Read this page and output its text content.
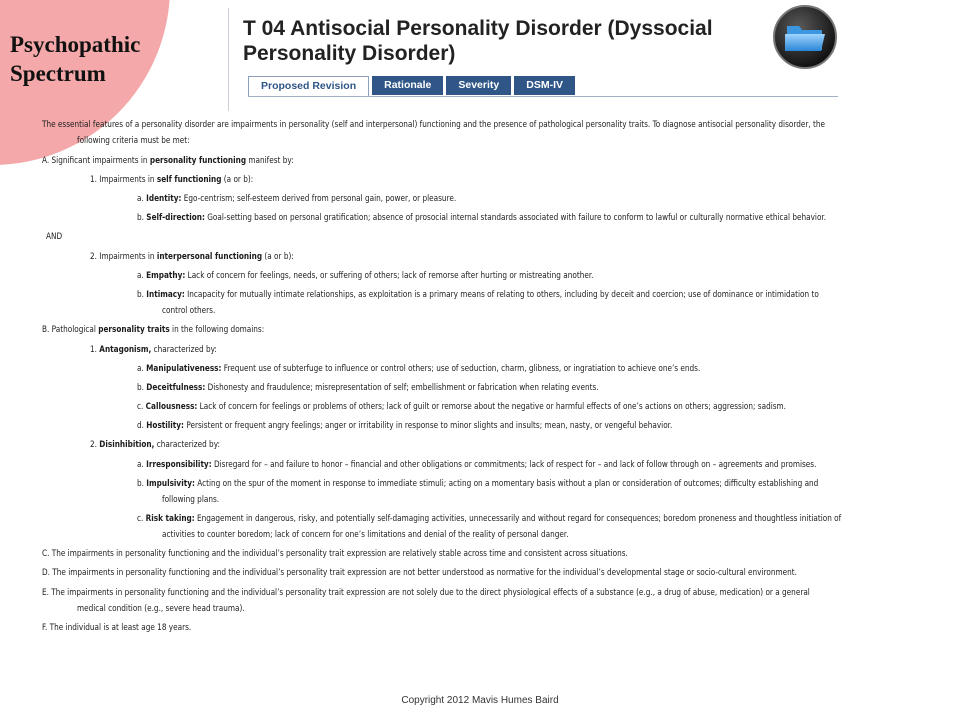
Psychopathic
Spectrum
T 04 Antisocial Personality Disorder (Dyssocial Personality Disorder)
Proposed Revision	Rationale	Severity	DSM-IV
The essential features of a personality disorder are impairments in personality (self and interpersonal) functioning and the presence of pathological personality traits. To diagnose antisocial personality disorder, the
following criteria must be met:
A. Significant impairments in personality functioning manifest by:
1. Impairments in self functioning (a or b):
a. Identity: Ego-centrism; self-esteem derived from personal gain, power, or pleasure.
b. Self-direction: Goal-setting based on personal gratification; absence of prosocial internal standards associated with failure to conform to lawful or culturally normative ethical behavior.
AND
2. Impairments in interpersonal functioning (a or b):
a. Empathy: Lack of concern for feelings, needs, or suffering of others; lack of remorse after hurting or mistreating another.
b. Intimacy: Incapacity for mutually intimate relationships, as exploitation is a primary means of relating to others, including by deceit and coercion; use of dominance or intimidation to
control others.
B. Pathological personality traits in the following domains:
1. Antagonism, characterized by:
a. Manipulativeness: Frequent use of subterfuge to influence or control others; use of seduction, charm, glibness, or ingratiation to achieve one’s ends.
b. Deceitfulness: Dishonesty and fraudulence; misrepresentation of self; embellishment or fabrication when relating events.
c. Callousness: Lack of concern for feelings or problems of others; lack of guilt or remorse about the negative or harmful effects of one’s actions on others; aggression; sadism.
d. Hostility: Persistent or frequent angry feelings; anger or irritability in response to minor slights and insults; mean, nasty, or vengeful behavior.
2. Disinhibition, characterized by:
a. Irresponsibility: Disregard for – and failure to honor – financial and other obligations or commitments; lack of respect for – and lack of follow through on – agreements and promises.
b. Impulsivity: Acting on the spur of the moment in response to immediate stimuli; acting on a momentary basis without a plan or consideration of outcomes; difficulty establishing and
following plans.
c. Risk taking: Engagement in dangerous, risky, and potentially self-damaging activities, unnecessarily and without regard for consequences; boredom proneness and thoughtless initiation of
activities to counter boredom; lack of concern for one’s limitations and denial of the reality of personal danger.
C. The impairments in personality functioning and the individual’s personality trait expression are relatively stable across time and consistent across situations.
D. The impairments in personality functioning and the individual’s personality trait expression are not better understood as normative for the individual’s developmental stage or socio-cultural environment.
E. The impairments in personality functioning and the individual’s personality trait expression are not solely due to the direct physiological effects of a substance (e.g., a drug of abuse, medication) or a general
medical condition (e.g., severe head trauma).
F. The individual is at least age 18 years.
Copyright 2012 Mavis Humes Baird
